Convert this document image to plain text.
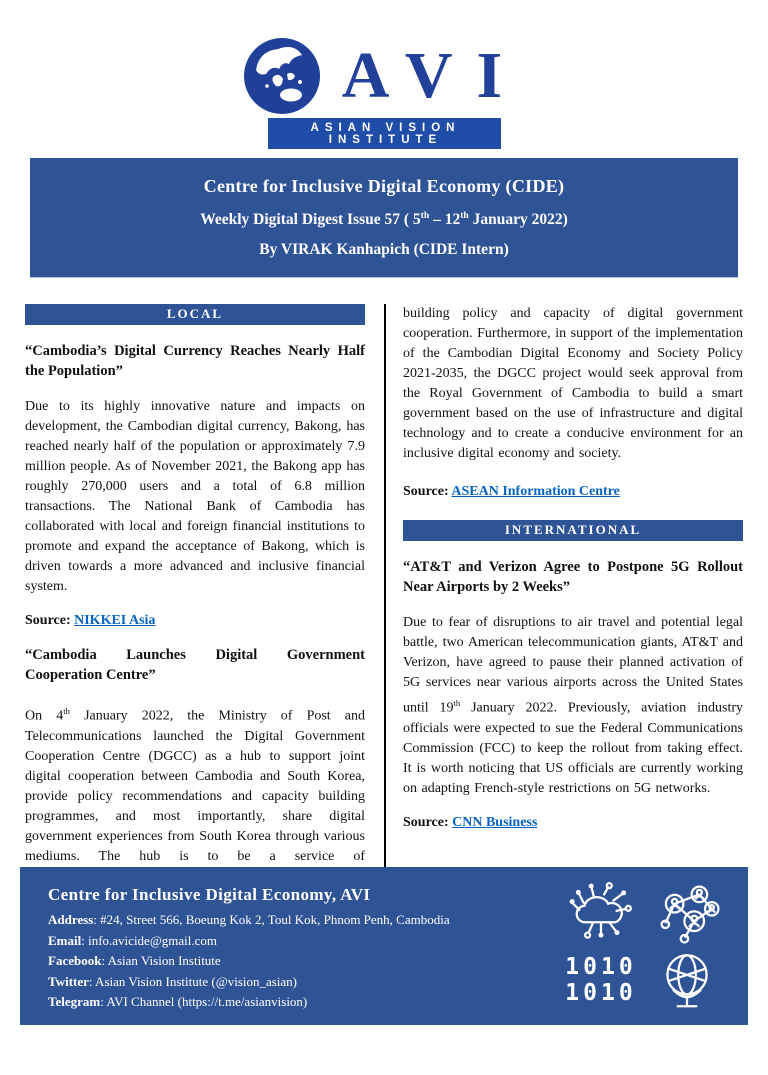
AVI
ASIAN VISION INSTITUTE
Centre for Inclusive Digital Economy (CIDE)
Weekly Digital Digest Issue 57 ( 5th – 12th January 2022)
By VIRAK Kanhapich (CIDE Intern)
LOCAL
“Cambodia’s Digital Currency Reaches Nearly Half the Population”

Due to its highly innovative nature and impacts on development, the Cambodian digital currency, Bakong, has reached nearly half of the population or approximately 7.9 million people. As of November 2021, the Bakong app has roughly 270,000 users and a total of 6.8 million transactions. The National Bank of Cambodia has collaborated with local and foreign financial institutions to promote and expand the acceptance of Bakong, which is driven towards a more advanced and inclusive financial system.

Source: NIKKEI Asia
“Cambodia Launches Digital Government Cooperation Centre”

On 4th January 2022, the Ministry of Post and Telecommunications launched the Digital Government Cooperation Centre (DGCC) as a hub to support joint digital cooperation between Cambodia and South Korea, provide policy recommendations and capacity building programmes, and most importantly, share digital government experiences from South Korea through various mediums. The hub is to be a service of

building policy and capacity of digital government cooperation. Furthermore, in support of the implementation of the Cambodian Digital Economy and Society Policy 2021-2035, the DGCC project would seek approval from the Royal Government of Cambodia to build a smart government based on the use of infrastructure and digital technology and to create a conducive environment for an inclusive digital economy and society.

Source: ASEAN Information Centre
INTERNATIONAL
“AT&T and Verizon Agree to Postpone 5G Rollout Near Airports by 2 Weeks”

Due to fear of disruptions to air travel and potential legal battle, two American telecommunication giants, AT&T and Verizon, have agreed to pause their planned activation of 5G services near various airports across the United States until 19th January 2022. Previously, aviation industry officials were expected to sue the Federal Communications Commission (FCC) to keep the rollout from taking effect. It is worth noticing that US officials are currently working on adapting French-style restrictions on 5G networks.

Source: CNN Business
Centre for Inclusive Digital Economy, AVI
Address: #24, Street 566, Boeung Kok 2, Toul Kok, Phnom Penh, Cambodia
Email: info.avicide@gmail.com
Facebook: Asian Vision Institute
Twitter: Asian Vision Institute (@vision_asian)
Telegram: AVI Channel (https://t.me/asianvision)
1010
1010
